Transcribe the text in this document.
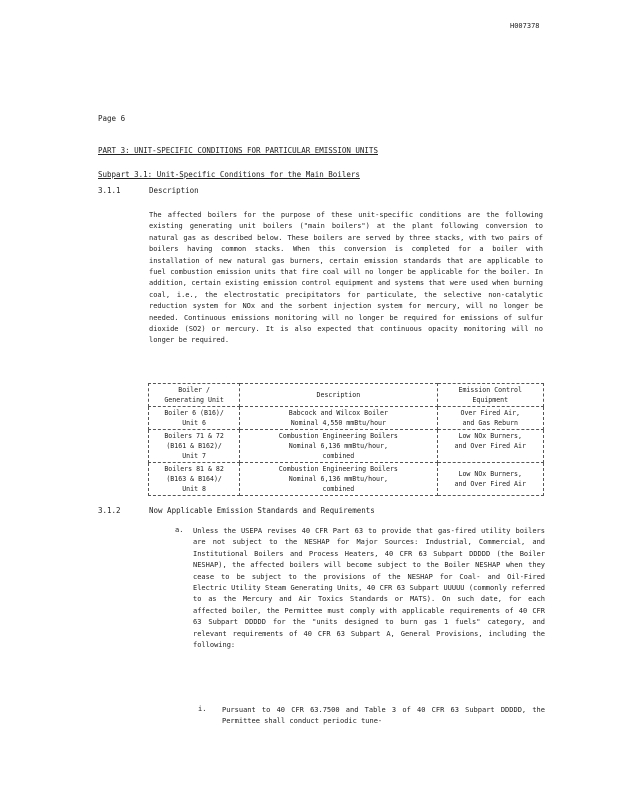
H007378
Page 6
PART 3: UNIT-SPECIFIC CONDITIONS FOR PARTICULAR EMISSION UNITS
Subpart 3.1: Unit-Specific Conditions for the Main Boilers
3.1.1	Description

The affected boilers for the purpose of these unit-specific conditions are the following existing generating unit boilers ("main boilers") at the plant following conversion to natural gas as described below. These boilers are served by three stacks, with two pairs of boilers having common stacks. When this conversion is completed for a boiler with installation of new natural gas burners, certain emission standards that are applicable to fuel combustion emission units that fire coal will no longer be applicable for the boiler. In addition, certain existing emission control equipment and systems that were used when burning coal, i.e., the electrostatic precipitators for particulate, the selective non-catalytic reduction system for NOx and the sorbent injection system for mercury, will no longer be needed. Continuous emissions monitoring will no longer be required for emissions of sulfur dioxide (SO2) or mercury. It is also expected that continuous opacity monitoring will no longer be required.

Boiler /
Generating Unit	Description	Emission Control
Equipment

Boiler 6 (B16)/
Unit 6	Babcock and Wilcox Boiler
Nominal 4,550 mmBtu/hour	Over Fired Air,
and Gas Reburn

Boilers 71 & 72
(B161 & B162)/
Unit 7	Combustion Engineering Boilers
Nominal 6,136 mmBtu/hour,
combined	Low NOx Burners,
and Over Fired Air

Boilers 81 & 82
(B163 & B164)/
Unit 8	Combustion Engineering Boilers
Nominal 6,136 mmBtu/hour,
combined	Low NOx Burners,
and Over Fired Air
3.1.2	Now Applicable Emission Standards and Requirements
a. Unless the USEPA revises 40 CFR Part 63 to provide that gas-fired utility boilers are not subject to the NESHAP for Major Sources: Industrial, Commercial, and Institutional Boilers and Process Heaters, 40 CFR 63 Subpart DDDDD (the Boiler NESHAP), the affected boilers will become subject to the Boiler NESHAP when they cease to be subject to the provisions of the NESHAP for Coal- and Oil-Fired Electric Utility Steam Generating Units, 40 CFR 63 Subpart UUUUU (commonly referred to as the Mercury and Air Toxics Standards or MATS). On such date, for each affected boiler, the Permittee must comply with applicable requirements of 40 CFR 63 Subpart DDDDD for the "units designed to burn gas 1 fuels" category, and relevant requirements of 40 CFR 63 Subpart A, General Provisions, including the following:

i. Pursuant to 40 CFR 63.7500 and Table 3 of 40 CFR 63 Subpart DDDDD, the Permittee shall conduct periodic tune-
